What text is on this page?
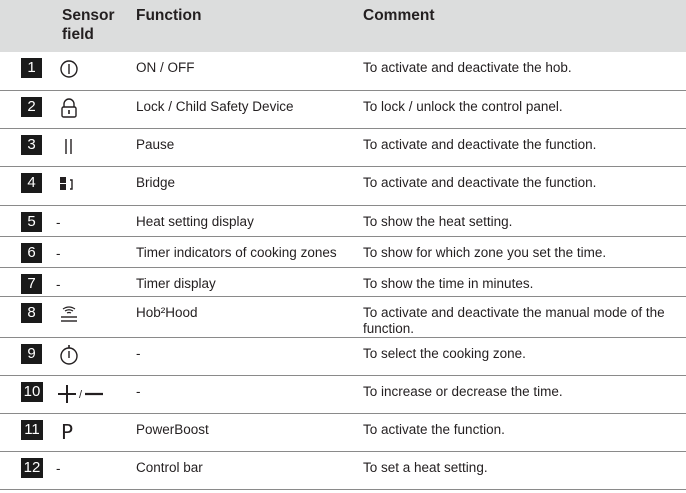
	Sensor field	Function	Comment
1		ON / OFF	To activate and deactivate the hob.
2		Lock / Child Safety Device	To lock / unlock the control panel.
3		Pause	To activate and deactivate the function.
4		Bridge	To activate and deactivate the function.
5	-	Heat setting display	To show the heat setting.
6	-	Timer indicators of cooking zones	To show for which zone you set the time.
7	-	Timer display	To show the time in minutes.
8		Hob²Hood	To activate and deactivate the manual mode of the function.
9		-	To select the cooking zone.
10	/	-	To increase or decrease the time.
11	P	PowerBoost	To activate the function.
12	-	Control bar	To set a heat setting.
